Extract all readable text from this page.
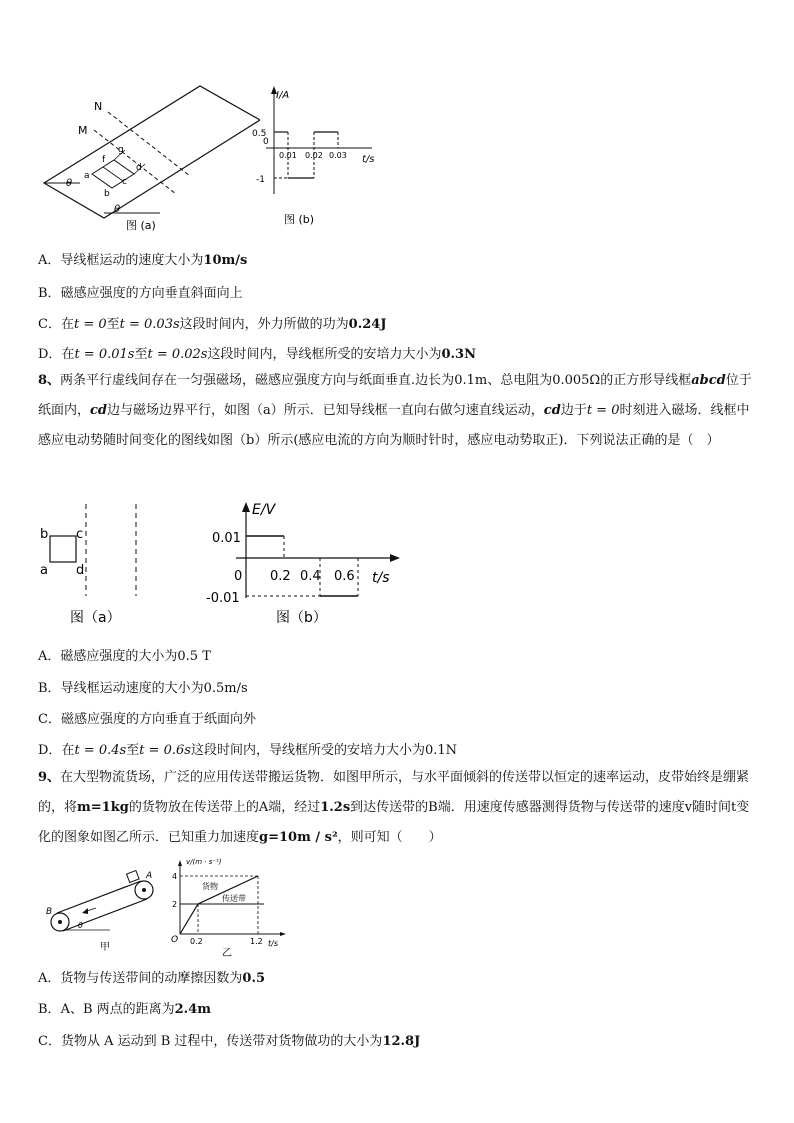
N
M
f
g
d
a
c
b
θ
θ
图 (a)
I/A
t/s
0
0.5
-1
0.01 0.02 0.03
图 (b)
A．导线框运动的速度大小为10m/s
B．磁感应强度的方向垂直斜面向上
C．在t = 0至t = 0.03s这段时间内，外力所做的功为0.24J
D．在t = 0.01s至t = 0.02s这段时间内，导线框所受的安培力大小为0.3N
8、两条平行虚线间存在一匀强磁场，磁感应强度方向与纸面垂直.边长为0.1m、总电阻为0.005Ω的正方形导线框abcd位于纸面内，cd边与磁场边界平行，如图（a）所示．已知导线框一直向右做匀速直线运动，cd边于t = 0时刻进入磁场．线框中感应电动势随时间变化的图线如图（b）所示(感应电流的方向为顺时针时，感应电动势取正)．下列说法正确的是（　）
b c
a d
图（a）
E/V
t/s
0
0.01
-0.01
0.2 0.4 0.6
图（b）
A．磁感应强度的大小为0.5 T
B．导线框运动速度的大小为0.5m/s
C．磁感应强度的方向垂直于纸面向外
D．在t = 0.4s至t = 0.6s这段时间内，导线框所受的安培力大小为0.1N
9、在大型物流货场，广泛的应用传送带搬运货物．如图甲所示，与水平面倾斜的传送带以恒定的速率运动，皮带始终是绷紧的，将m=1kg的货物放在传送带上的A端，经过1.2s到达传送带的B端．用速度传感器测得货物与传送带的速度v随时间t变化的图象如图乙所示．已知重力加速度g=10m / s²，则可知（　　）
A
B
θ
甲
v/(m · s⁻¹)
t/s
O
4
2
0.2	1.2
货物
传送带
乙
A．货物与传送带间的动摩擦因数为0.5
B．A、B 两点的距离为2.4m
C．货物从 A 运动到 B 过程中，传送带对货物做功的大小为12.8J
